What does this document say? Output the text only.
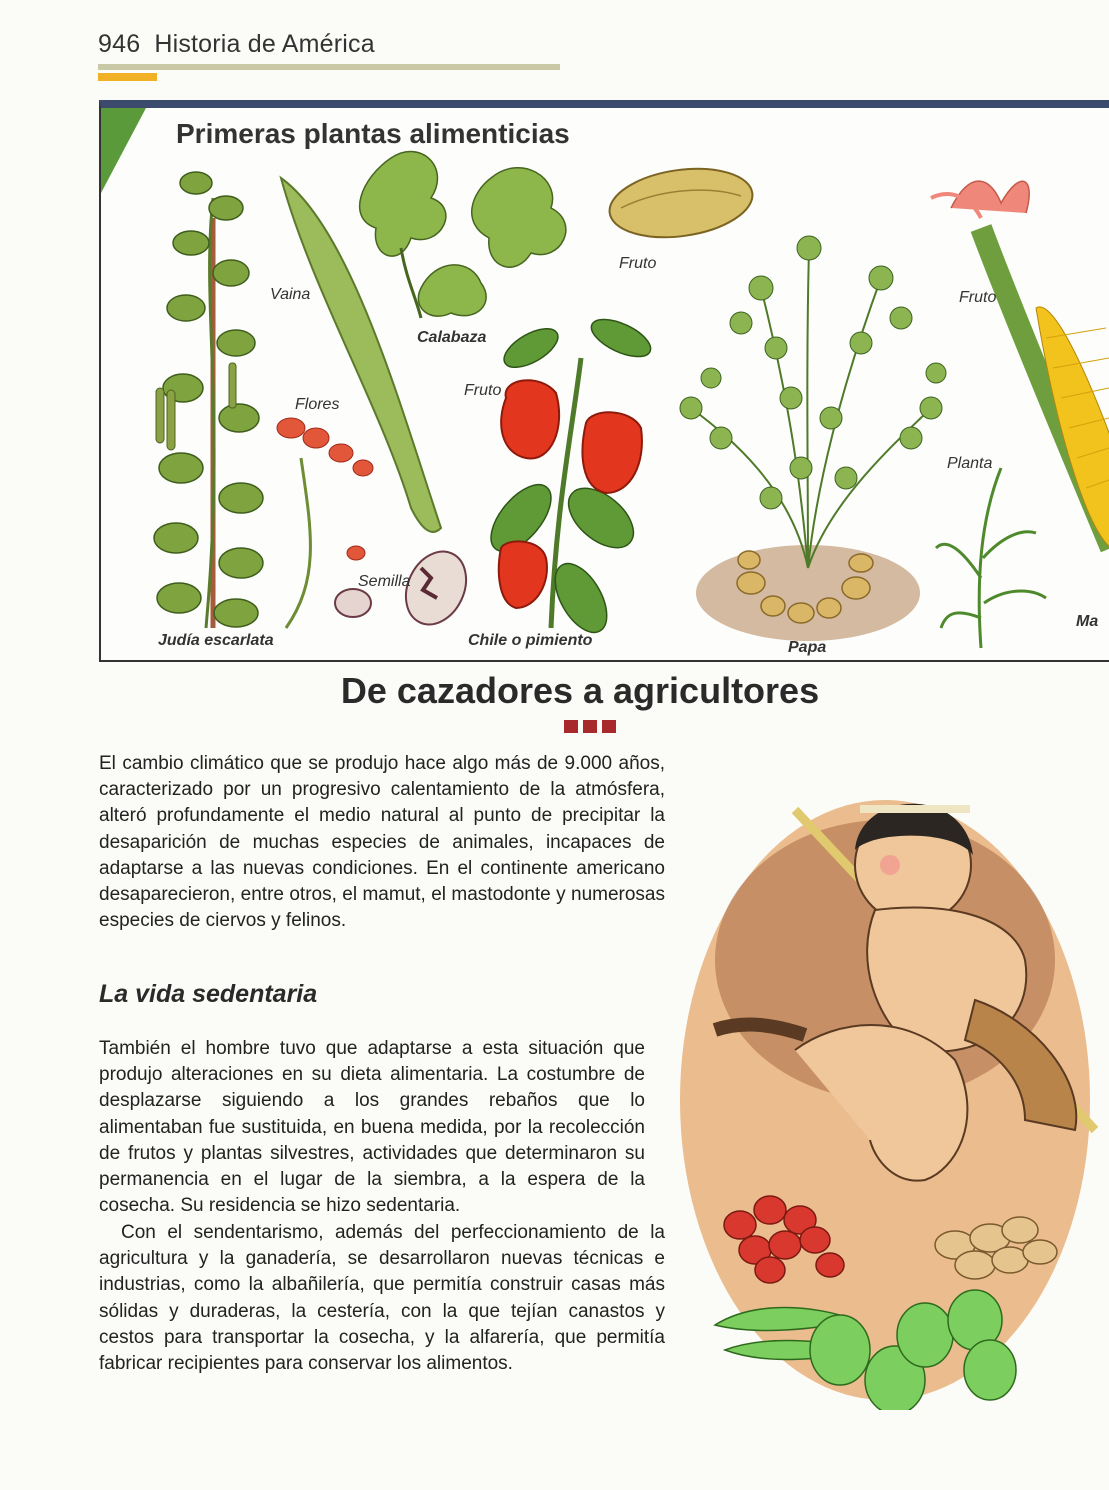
946 Historia de América
Primeras plantas alimenticias
Vaina
Flores
Calabaza
Fruto
Fruto
Fruto
Semilla
Planta
Judía escarlata	Chile o pimiento	Papa
Ma
De cazadores a agricultores
El cambio climático que se produjo hace algo más de 9.000 años, caracterizado por un progresivo calentamiento de la atmósfera, alteró profundamente el medio natural al punto de precipitar la desaparición de muchas especies de animales, incapaces de adaptarse a las nuevas condiciones. En el continente americano desaparecieron, entre otros, el mamut, el mastodonte y numerosas especies de ciervos y felinos.
La vida sedentaria
También el hombre tuvo que adaptarse a esta situación que produjo alteraciones en su dieta alimentaria. La costumbre de desplazarse siguiendo a los grandes rebaños que lo alimentaban fue sustituida, en buena medida, por la recolección de frutos y plantas silvestres, actividades que determinaron su permanencia en el lugar de la siembra, a la espera de la cosecha. Su residencia se hizo sedentaria.
Con el sendentarismo, además del perfeccionamiento de la agricultura y la ganadería, se desarrollaron nuevas técnicas e industrias, como la albañilería, que permitía construir casas más sólidas y duraderas, la cestería, con la que tejían canastos y cestos para transportar la cosecha, y la alfarería, que permitía fabricar recipientes para conservar los alimentos.
